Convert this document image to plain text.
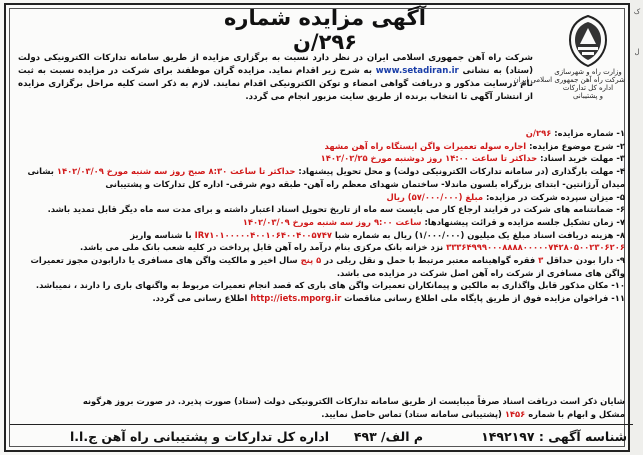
ک
ل
آگهی مزایده شماره ۲۹۶/ن
وزارت راه و شهرسازی
شرکت راه آهن جمهوری اسلامی ایران
اداره کل تدارکات
و پشتیبانی
شرکت راه آهن جمهوری اسلامی ایران در نظر دارد نسبت به برگزاری مزایده از طریق سامانه تدارکات الکترونیکی دولت (ستاد) به نشانی www.setadiran.ir به شرح زیر اقدام نماید. مزایده گران موظفند برای شرکت در مزایده نسبت به ثبت نام درسایت مذکور و دریافت گواهی امضاء و توکن الکترونیکی اقدام نمایند. لازم به ذکر است کلیه مراحل برگزاری مزایده از انتشار آگهی تا انتخاب برنده از طریق سایت مزبور انجام می گردد.
۱- شماره مزایده: ۲۹۶/ن
۲- شرح موضوع مزایده: اجاره سوله تعمیرات واگن ایستگاه راه آهن مشهد
۳- مهلت خرید اسناد: حداکثر تا ساعت ۱۴:۰۰ روز دوشنبه مورخ ۱۴۰۲/۰۲/۲۵
۴- مهلت بارگذاری (در سامانه تدارکات الکترونیکی دولت) و محل تحویل پیشنهاد: حداکثر تا ساعت ۸:۳۰ صبح روز سه شنبه مورخ ۱۴۰۲/۰۳/۰۹ بشانی میدان آرژانتین- ابتدای بزرگراه بلسون ماندلا- ساختمان شهدای معظم راه آهن- طبقه دوم شرقی- اداره کل تدارکات و پشتیبانی
۵- میزان سپرده شرکت در مزایده: مبلغ (۵۷/۰۰۰/۰۰۰) ریال
۶- ضمانتنامه های شرکت در فرایند ارجاع کار می بایست سه ماه از تاریخ تحویل اسناد اعتبار داشته و برای مدت سه ماه دیگر قابل تمدید باشد.
۷- زمان تشکیل جلسه مزایده و قرائت پیشنهادها: ساعت ۹:۰۰ روز سه شنبه مورخ ۱۴۰۲/۰۳/۰۹
۸- هزینه دریافت اسناد مبلغ یک میلیون (۱/۰۰۰/۰۰۰) ریال به شماره شبا IR۷۱۰۱۰۰۰۰۰۴۰۰۱۰۶۴۰۰۴۰۰۵۷۴۷ با شناسه واریز ۳۳۳۶۴۹۹۹۰۰۰۸۸۸۸۰۰۰۰۰۷۴۲۸۰۵۰۰۲۳۰۶۲۰۶ نزد خزانه بانک مرکزی بنام درآمد راه آهن قابل پرداخت در کلیه شعب بانک ملی می باشد.
۹- دارا بودن حداقل ۳ فقره گواهینامه معتبر مرتبط با حمل و نقل ریلی در ۵ پنج سال اخیر و مالکیت واگن های مسافری یا دارابودن مجوز تعمیرات واگن های مسافری از شرکت راه آهن اصل شرکت در مزایده می باشد.
۱۰- مکان مذکور قابل واگذاری به مالکین و پیمانکاران تعمیرات واگن های باری که قصد انجام تعمیرات مربوط به واگنهای باری را دارند ، نمیباشد.
۱۱- فراخوان مزایده فوق از طریق پایگاه ملی اطلاع رسانی مناقصات http://iets.mporg.ir اطلاع رسانی می گردد.
شایان ذکر است دریافت اسناد صرفاً میبایست از طریق سامانه تدارکات الکترونیکی دولت (ستاد) صورت پذیرد. در صورت بروز هرگونه
مشکل و ابهام با شماره ۱۴۵۶ (پشتیبانی سامانه ستاد) تماس حاصل نمایید.
شناسه آگهی : ۱۴۹۲۱۹۷
م الف/ ۴۹۳
اداره کل تدارکات و پشتیبانی راه آهن ج.ا.ا
